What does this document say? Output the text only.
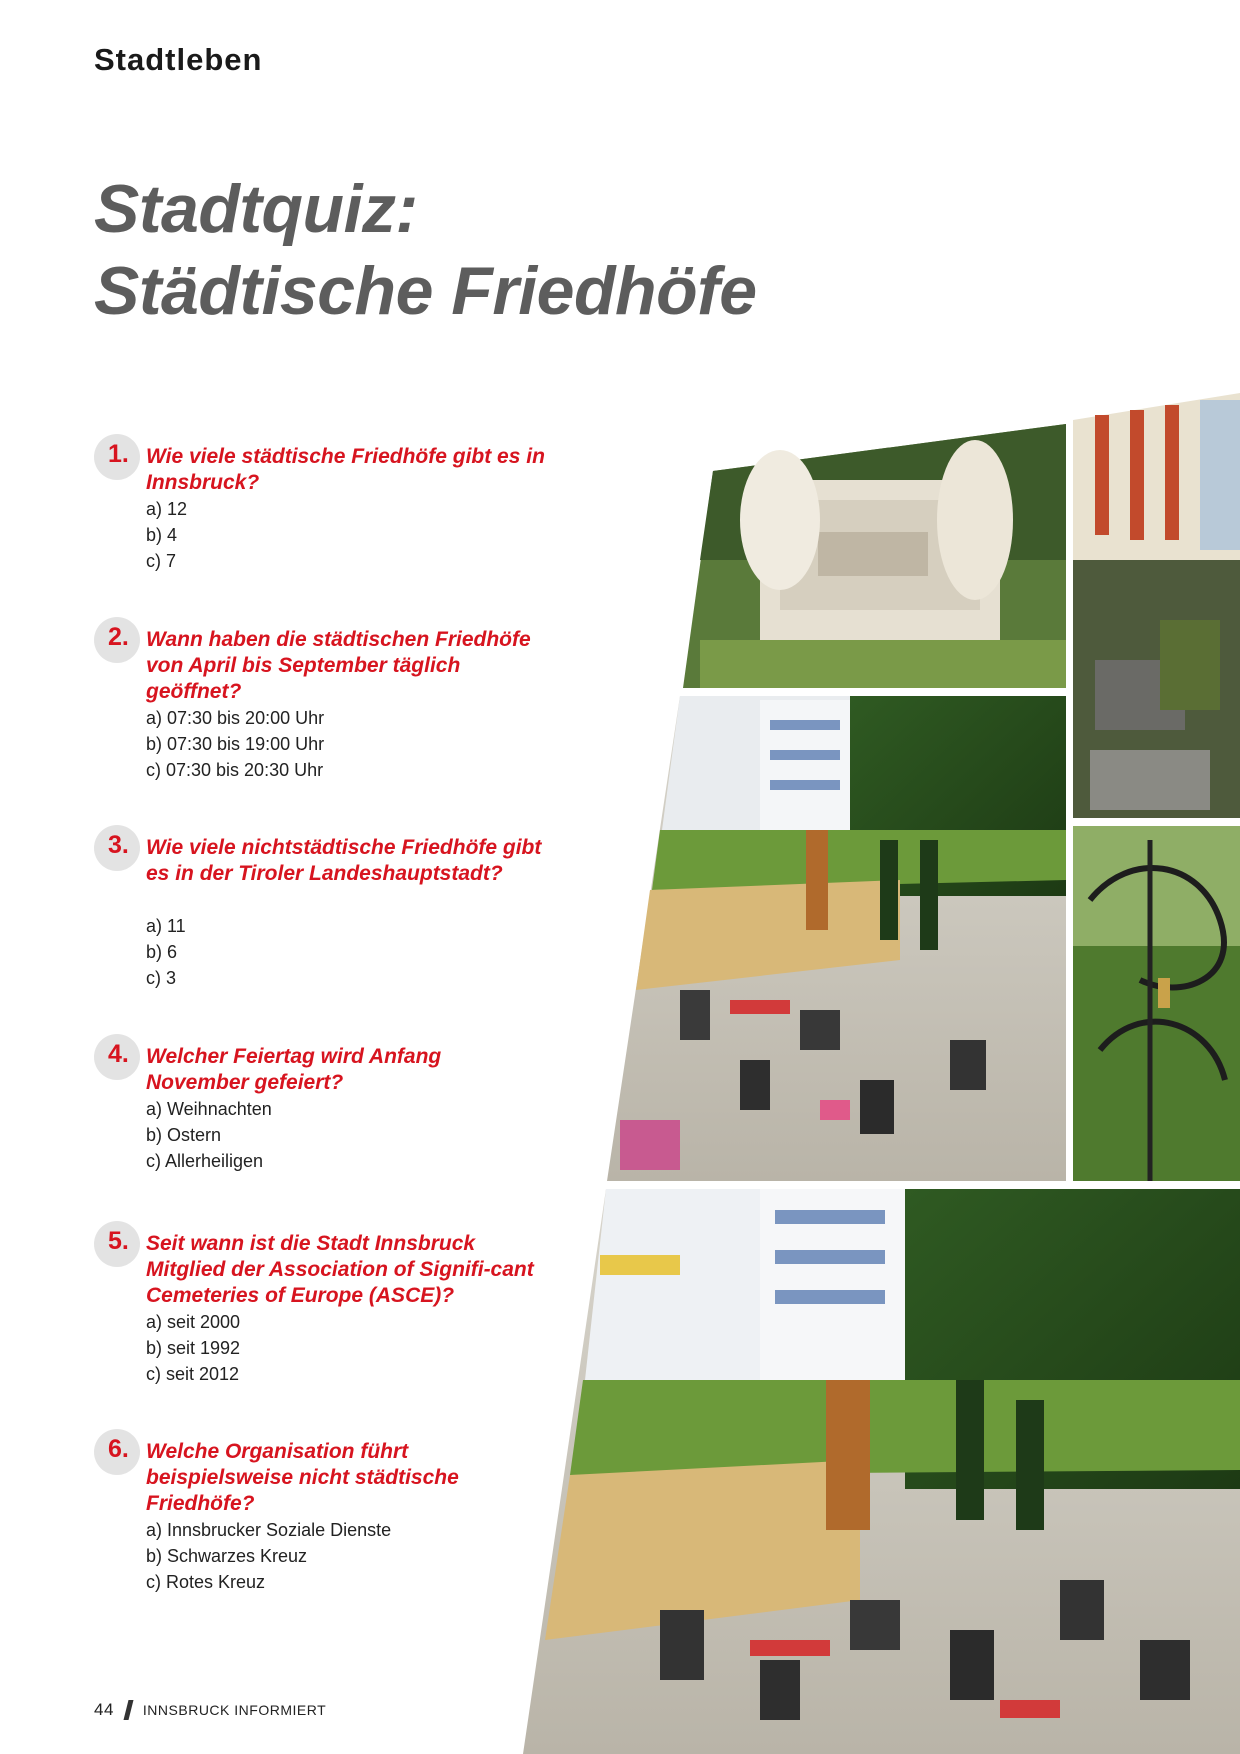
Stadtleben
Stadtquiz:
Städtische Friedhöfe
1. Wie viele städtische Friedhöfe gibt es in Innsbruck?

a) 12
b) 4
c) 7
2. Wann haben die städtischen Friedhöfe von April bis September täglich geöffnet?

a) 07:30 bis 20:00 Uhr
b) 07:30 bis 19:00 Uhr
c) 07:30 bis 20:30 Uhr
3. Wie viele nichtstädtische Friedhöfe gibt es in der Tiroler Landeshauptstadt?

a) 11
b) 6
c) 3
4. Welcher Feiertag wird Anfang November gefeiert?

a) Weihnachten
b) Ostern
c) Allerheiligen
5. Seit wann ist die Stadt Innsbruck Mitglied der Association of Signifi-cant Cemeteries of Europe (ASCE)?

a) seit 2000
b) seit 1992
c) seit 2012
6. Welche Organisation führt beispielsweise nicht städtische Friedhöfe?

a) Innsbrucker Soziale Dienste
b) Schwarzes Kreuz
c) Rotes Kreuz
44 INNSBRUCK INFORMIERT
